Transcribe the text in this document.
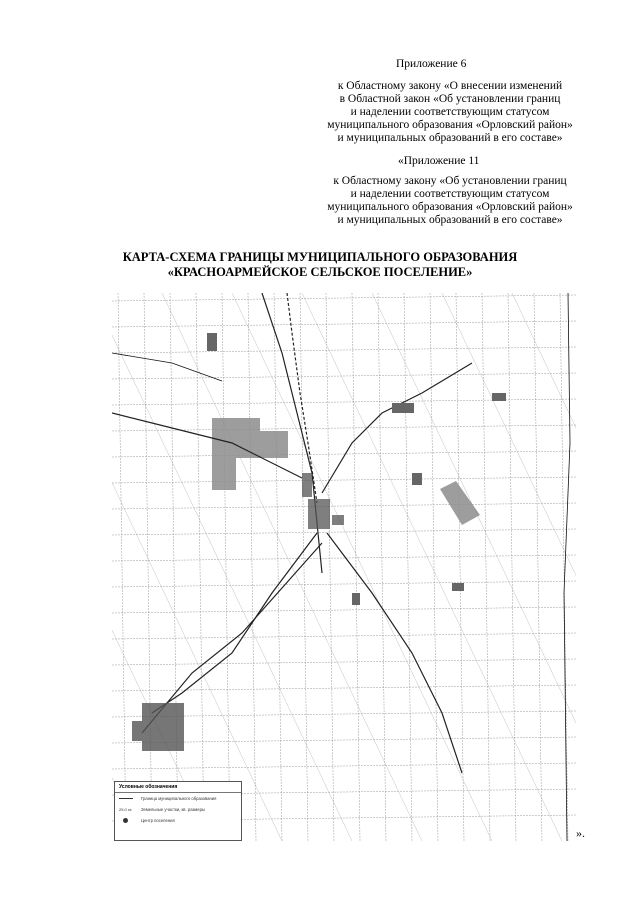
Приложение 6

к Областному закону «О внесении изменений

в Областной закон «Об установлении границ

и наделении соответствующим статусом

муниципального образования «Орловский район»

и муниципальных образований в его составе»

«Приложение 11

к Областному закону «Об установлении границ

и наделении соответствующим статусом

муниципального образования «Орловский район»

и муниципальных образований в его составе»

КАРТА-СХЕМА ГРАНИЦЫ МУНИЦИПАЛЬНОГО ОБРАЗОВАНИЯ
«КРАСНОАРМЕЙСКОЕ СЕЛЬСКОЕ ПОСЕЛЕНИЕ»
Условные обозначения
Граница муниципального образования
25.0 га Земельные участки, кв. размеры
Центр поселения
».
